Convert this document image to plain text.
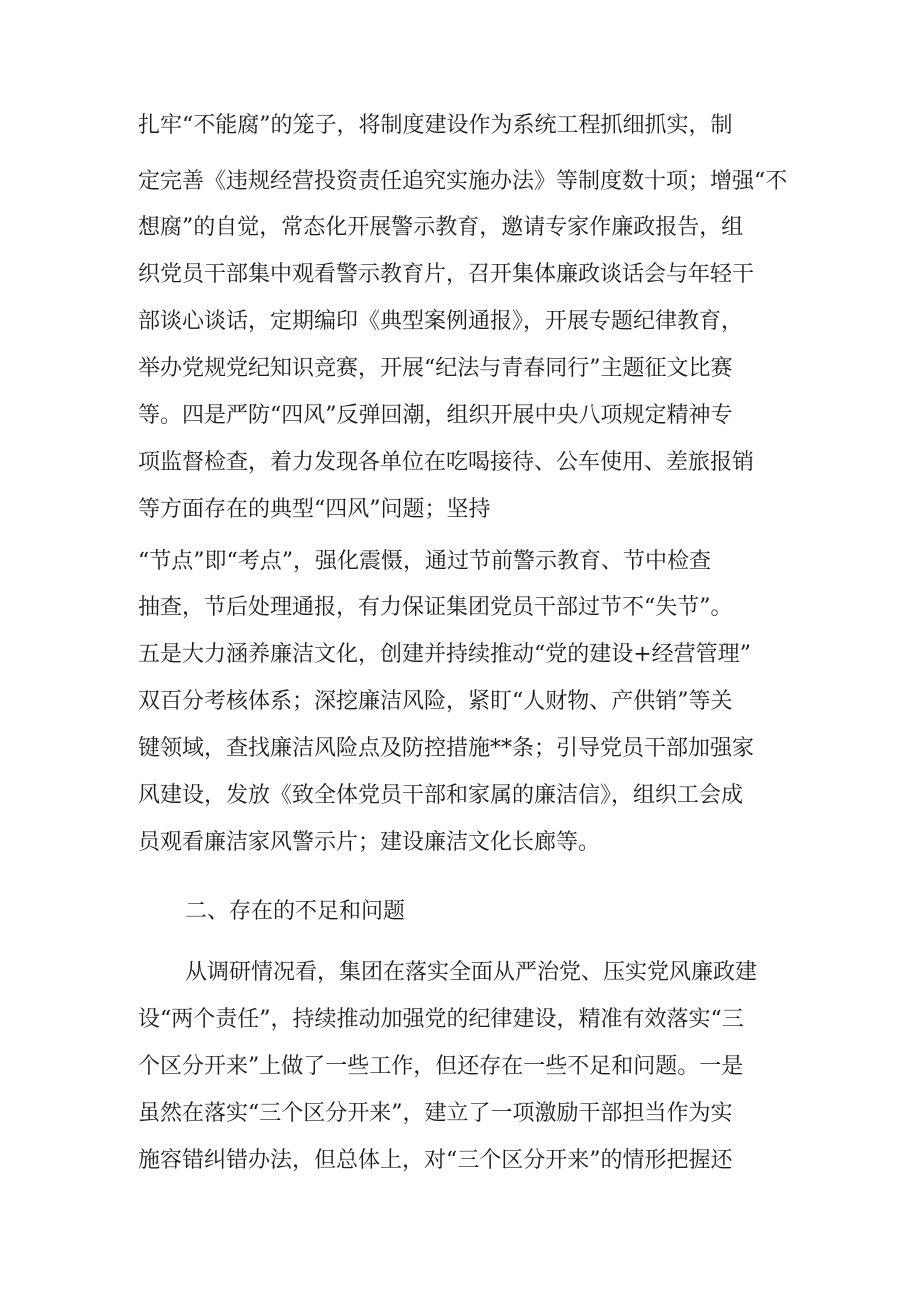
扎牢“不能腐”的笼子，将制度建设作为系统工程抓细抓实，制
定完善《违规经营投资责任追究实施办法》等制度数十项；增强“不
想腐”的自觉，常态化开展警示教育，邀请专家作廉政报告，组
织党员干部集中观看警示教育片，召开集体廉政谈话会与年轻干
部谈心谈话，定期编印《典型案例通报》，开展专题纪律教育，
举办党规党纪知识竞赛，开展“纪法与青春同行”主题征文比赛
等。四是严防“四风”反弹回潮，组织开展中央八项规定精神专
项监督检查，着力发现各单位在吃喝接待、公车使用、差旅报销
等方面存在的典型“四风”问题；坚持
“节点”即“考点”，强化震慑，通过节前警示教育、节中检查
抽查，节后处理通报，有力保证集团党员干部过节不“失节”。
五是大力涵养廉洁文化，创建并持续推动“党的建设+经营管理”
双百分考核体系；深挖廉洁风险，紧盯“人财物、产供销”等关
键领域，查找廉洁风险点及防控措施**条；引导党员干部加强家
风建设，发放《致全体党员干部和家属的廉洁信》，组织工会成
员观看廉洁家风警示片；建设廉洁文化长廊等。
二、存在的不足和问题
从调研情况看，集团在落实全面从严治党、压实党风廉政建
设“两个责任”，持续推动加强党的纪律建设，精准有效落实“三
个区分开来”上做了一些工作，但还存在一些不足和问题。一是
虽然在落实“三个区分开来”，建立了一项激励干部担当作为实
施容错纠错办法，但总体上，对“三个区分开来”的情形把握还
